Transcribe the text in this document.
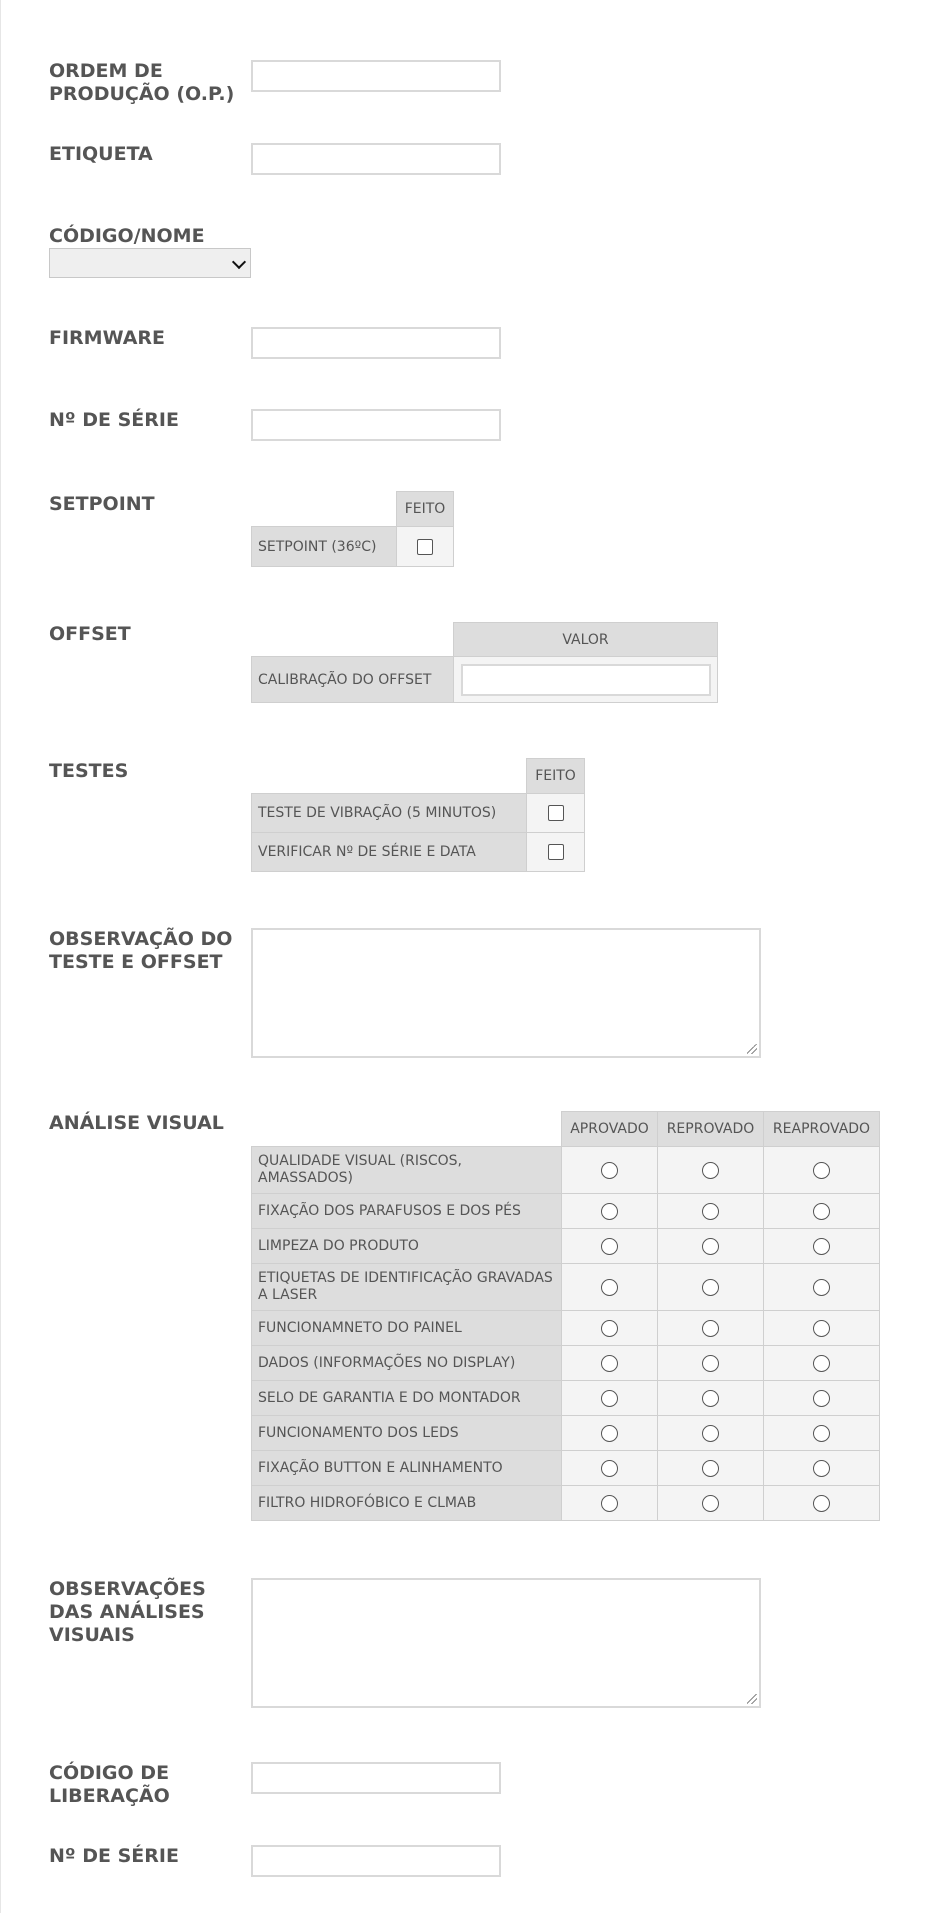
ORDEM DE PRODUÇÃO (O.P.)
ETIQUETA
CÓDIGO/NOME
FIRMWARE
Nº DE SÉRIE
SETPOINT
		FEITO
SETPOINT (36ºC)	
OFFSET
		VALOR
CALIBRAÇÃO DO OFFSET	
TESTES
		FEITO
TESTE DE VIBRAÇÃO (5 MINUTOS)	
VERIFICAR Nº DE SÉRIE E DATA	
OBSERVAÇÃO DO TESTE E OFFSET
ANÁLISE VISUAL
		APROVADO	REPROVADO	REAPROVADO
QUALIDADE VISUAL (RISCOS, AMASSADOS)			
FIXAÇÃO DOS PARAFUSOS E DOS PÉS			
LIMPEZA DO PRODUTO			
ETIQUETAS DE IDENTIFICAÇÃO GRAVADAS A LASER			
FUNCIONAMNETO DO PAINEL			
DADOS (INFORMAÇÕES NO DISPLAY)			
SELO DE GARANTIA E DO MONTADOR			
FUNCIONAMENTO DOS LEDS			
FIXAÇÃO BUTTON E ALINHAMENTO			
FILTRO HIDROFÓBICO E CLMAB			
OBSERVAÇÕES DAS ANÁLISES VISUAIS
CÓDIGO DE LIBERAÇÃO
Nº DE SÉRIE
